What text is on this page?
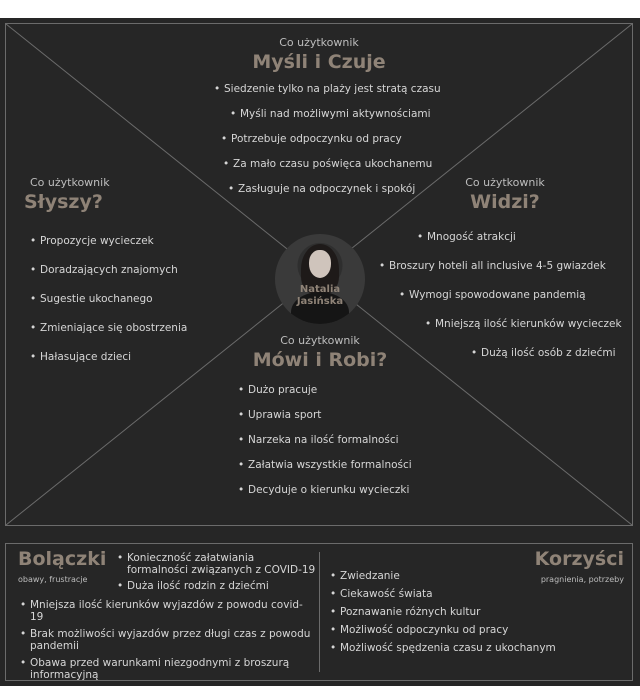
Co użytkownik
Myśli i Czuje
• Siedzenie tylko na plaży jest stratą czasu
• Myśli nad możliwymi aktywnościami
• Potrzebuje odpoczynku od pracy
• Za mało czasu poświęca ukochanemu
• Zasługuje na odpoczynek i spokój
Co użytkownik
Słyszy?
• Propozycje wycieczek
• Doradzających znajomych
• Sugestie ukochanego
• Zmieniające się obostrzenia
• Hałasujące dzieci
Co użytkownik
Widzi?
• Mnogość atrakcji
• Broszury hoteli all inclusive 4-5 gwiazdek
• Wymogi spowodowane pandemią
• Mniejszą ilość kierunków wycieczek
• Dużą ilość osób z dziećmi
Co użytkownik
Mówi i Robi?
• Dużo pracuje
• Uprawia sport
• Narzeka na ilość formalności
• Załatwia wszystkie formalności
• Decyduje o kierunku wycieczki
Natalia
Jasińska
Bolączki
obawy, frustracje
• Konieczność załatwiania formalności związanych z COVID-19
• Duża ilość rodzin z dziećmi
• Mniejsza ilość kierunków wyjazdów z powodu covid-19
• Brak możliwości wyjazdów przez długi czas z powodu pandemii
• Obawa przed warunkami niezgodnymi z broszurą informacyjną
Korzyści
pragnienia, potrzeby
• Zwiedzanie
• Ciekawość świata
• Poznawanie różnych kultur
• Możliwość odpoczynku od pracy
• Możliwość spędzenia czasu z ukochanym
